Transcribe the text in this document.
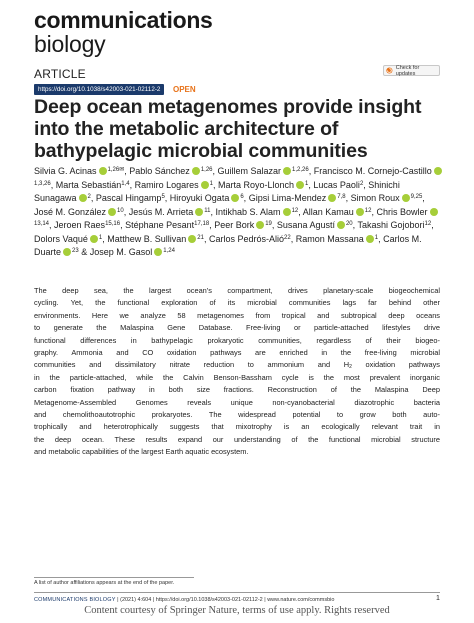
communications
biology
ARTICLE	Check for updates
https://doi.org/10.1038/s42003-021-02112-2	OPEN
Deep ocean metagenomes provide insight into the metabolic architecture of bathypelagic microbial communities
Silvia G. Acinas $^{1,26✉}$, Pablo Sánchez $^{1,26}$, Guillem Salazar $^{1,2,26}$, Francisco M. Cornejo-Castillo$^{1,3,26}$, Marta Sebastián$^{1,4}$, Ramiro Logares $^1$, Marta Royo-Llonch $^1$, Lucas Paoli$^2$, Shinichi Sunagawa $^2$, Pascal Hingamp$^5$, Hiroyuki Ogata $^6$, Gipsi Lima-Mendez $^{7,8}$, Simon Roux $^{9,25}$, José M. González $^{10}$, Jesús M. Arrieta $^{11}$, Intikhab S. Alam $^{12}$, Allan Kamau $^{12}$, Chris Bowler$^{13,14}$, Jeroen Raes$^{15,16}$, Stéphane Pesant$^{17,18}$, Peer Bork $^{19}$, Susana Agustí $^{20}$, Takashi Gojobori$^{12}$, Dolors Vaqué $^1$, Matthew B. Sullivan $^{21}$, Carlos Pedrós-Alió$^{22}$, Ramon Massana $^1$, Carlos M. Duarte $^{23}$ & Josep M. Gasol $^{1,24}$
The deep sea, the largest ocean’s compartment, drives planetary-scale biogeochemical
cycling. Yet, the functional exploration of its microbial communities lags far behind other
environments. Here we analyze 58 metagenomes from tropical and subtropical deep oceans
to generate the Malaspina Gene Database. Free-living or particle-attached lifestyles drive
functional differences in bathypelagic prokaryotic communities, regardless of their biogeo-
graphy. Ammonia and CO oxidation pathways are enriched in the free-living microbial
communities and dissimilatory nitrate reduction to ammonium and $H_2$ oxidation pathways
in the particle-attached, while the Calvin Benson-Bassham cycle is the most prevalent inorganic
carbon fixation pathway in both size fractions. Reconstruction of the Malaspina Deep
Metagenome-Assembled Genomes reveals unique non-cyanobacterial diazotrophic bacteria
and chemolithoautotrophic prokaryotes. The widespread potential to grow both auto-
trophically and heterotrophically suggests that mixotrophy is an ecologically relevant trait in
the deep ocean. These results expand our understanding of the functional microbial structure
and metabolic capabilities of the largest Earth aquatic ecosystem.
A list of author affiliations appears at the end of the paper.
COMMUNICATIONS BIOLOGY | (2021) 4:604 | https://doi.org/10.1038/s42003-021-02112-2 | www.nature.com/commsbio	1
Content courtesy of Springer Nature, terms of use apply. Rights reserved
